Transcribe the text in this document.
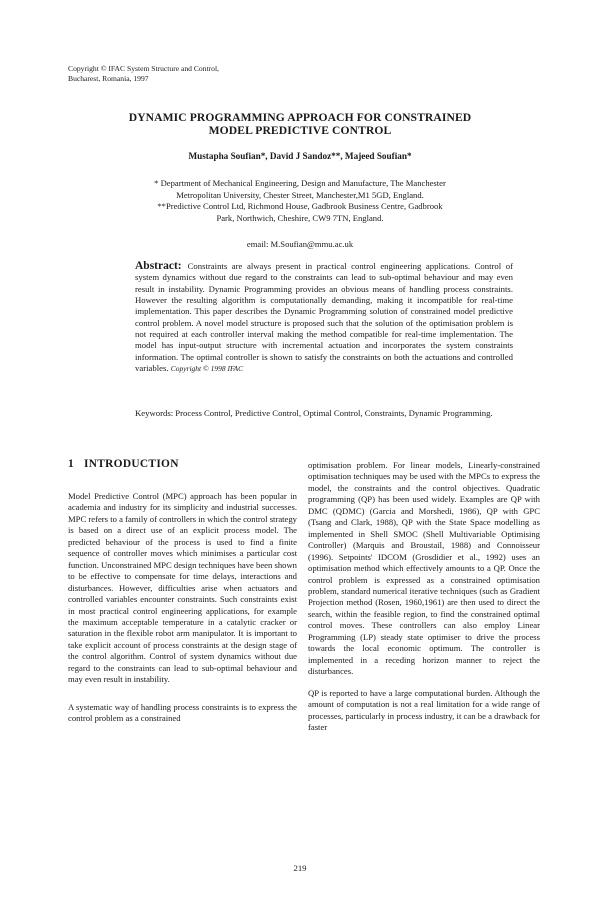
Copyright © IFAC System Structure and Control,
Bucharest, Romania, 1997
DYNAMIC PROGRAMMING APPROACH FOR CONSTRAINED
MODEL PREDICTIVE CONTROL
Mustapha Soufian*, David J Sandoz**, Majeed Soufian*
* Department of Mechanical Engineering, Design and Manufacture, The Manchester
Metropolitan University, Chester Street, Manchester,M1 5GD, England.
**Predictive Control Ltd, Richmond House, Gadbrook Business Centre, Gadbrook
Park, Northwich, Cheshire, CW9 7TN, England.
email: M.Soufian@mmu.ac.uk
Abstract: Constraints are always present in practical control engineering applications. Control of system dynamics without due regard to the constraints can lead to sub-optimal behaviour and may even result in instability. Dynamic Programming provides an obvious means of handling process constraints. However the resulting algorithm is computationally demanding, making it incompatible for real-time implementation. This paper describes the Dynamic Programming solution of constrained model predictive control problem. A novel model structure is proposed such that the solution of the optimisation problem is not required at each controller interval making the method compatible for real-time implementation. The model has input-output structure with incremental actuation and incorporates the system constraints information. The optimal controller is shown to satisfy the constraints on both the actuations and controlled variables. Copyright © 1998 IFAC
Keywords: Process Control, Predictive Control, Optimal Control, Constraints, Dynamic Programming.
1 INTRODUCTION

Model Predictive Control (MPC) approach has been popular in academia and industry for its simplicity and industrial successes. MPC refers to a family of controllers in which the control strategy is based on a direct use of an explicit process model. The predicted behaviour of the process is used to find a finite sequence of controller moves which minimises a particular cost function. Unconstrained MPC design techniques have been shown to be effective to compensate for time delays, interactions and disturbances. However, difficulties arise when actuators and controlled variables encounter constraints. Such constraints exist in most practical control engineering applications, for example the maximum acceptable temperature in a catalytic cracker or saturation in the flexible robot arm manipulator. It is important to take explicit account of process constraints at the design stage of the control algorithm. Control of system dynamics without due regard to the constraints can lead to sub-optimal behaviour and may even result in instability.

A systematic way of handling process constraints is to express the control problem as a constrained

optimisation problem. For linear models, Linearly-constrained optimisation techniques may be used with the MPCs to express the model, the constraints and the control objectives. Quadratic programming (QP) has been used widely. Examples are QP with DMC (QDMC) (Garcia and Morshedi, 1986), QP with GPC (Tsang and Clark, 1988), QP with the State Space modelling as implemented in Shell SMOC (Shell Multivariable Optimising Controller) (Marquis and Broustail, 1988) and Connoisseur (1996). Setpoints' IDCOM (Grosdidier et al., 1992) uses an optimisation method which effectively amounts to a QP. Once the control problem is expressed as a constrained optimisation problem, standard numerical iterative techniques (such as Gradient Projection method (Rosen, 1960,1961) are then used to direct the search, within the feasible region, to find the constrained optimal control moves. These controllers can also employ Linear Programming (LP) steady state optimiser to drive the process towards the local economic optimum. The controller is implemented in a receding horizon manner to reject the disturbances.

QP is reported to have a large computational burden. Although the amount of computation is not a real limitation for a wide range of processes, particularly in process industry, it can be a drawback for faster

219
